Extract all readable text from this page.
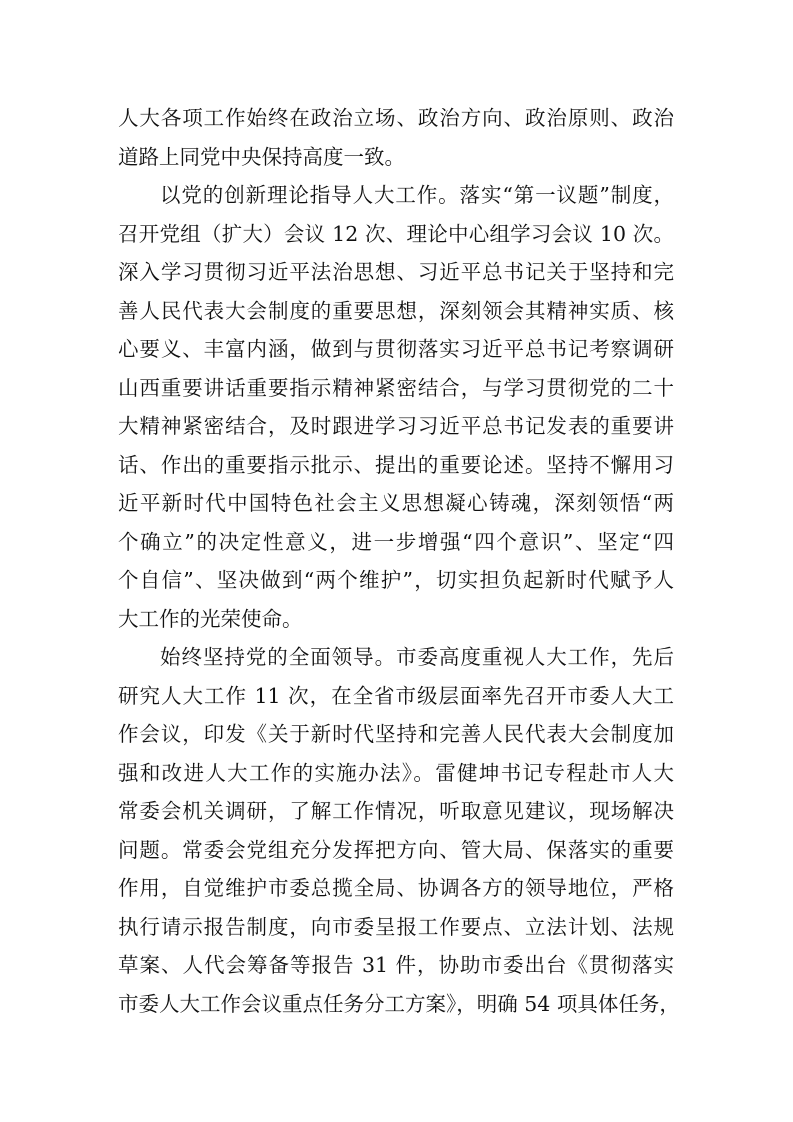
人大各项工作始终在政治立场、政治方向、政治原则、政治
道路上同党中央保持高度一致。
以党的创新理论指导人大工作。落实“第一议题”制度，
召开党组（扩大）会议 12 次、理论中心组学习会议 10 次。
深入学习贯彻习近平法治思想、习近平总书记关于坚持和完
善人民代表大会制度的重要思想，深刻领会其精神实质、核
心要义、丰富内涵，做到与贯彻落实习近平总书记考察调研
山西重要讲话重要指示精神紧密结合，与学习贯彻党的二十
大精神紧密结合，及时跟进学习习近平总书记发表的重要讲
话、作出的重要指示批示、提出的重要论述。坚持不懈用习
近平新时代中国特色社会主义思想凝心铸魂，深刻领悟“两
个确立”的决定性意义，进一步增强“四个意识”、坚定“四
个自信”、坚决做到“两个维护”，切实担负起新时代赋予人
大工作的光荣使命。
始终坚持党的全面领导。市委高度重视人大工作，先后
研究人大工作 11 次，在全省市级层面率先召开市委人大工
作会议，印发《关于新时代坚持和完善人民代表大会制度加
强和改进人大工作的实施办法》。雷健坤书记专程赴市人大
常委会机关调研，了解工作情况，听取意见建议，现场解决
问题。常委会党组充分发挥把方向、管大局、保落实的重要
作用，自觉维护市委总揽全局、协调各方的领导地位，严格
执行请示报告制度，向市委呈报工作要点、立法计划、法规
草案、人代会筹备等报告 31 件，协助市委出台《贯彻落实
市委人大工作会议重点任务分工方案》，明确 54 项具体任务，
